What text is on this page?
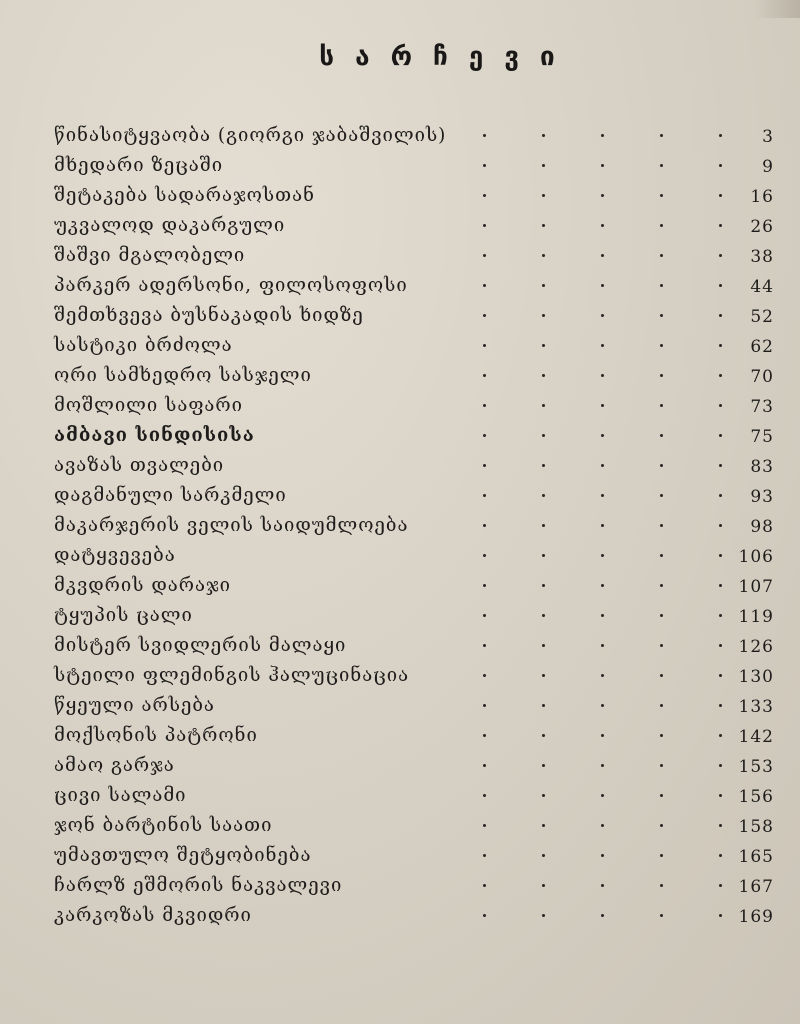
ს ა რ ჩ ე ვ ი
წინასიტყვაობა (გიორგი ჯაბაშვილის)	3
მხედარი ზეცაში	9
შეტაკება სადარაჯოსთან	16
უკვალოდ დაკარგული	26
შაშვი მგალობელი	38
პარკერ ადერსონი, ფილოსოფოსი	44
შემთხვევა ბუსნაკადის ხიდზე	52
სასტიკი ბრძოლა	62
ორი სამხედრო სასჯელი	70
მოშლილი საფარი	73
ამბავი სინდისისა	75
ავაზას თვალები	83
დაგმანული სარკმელი	93
მაკარჯერის ველის საიდუმლოება	98
დატყვევება	106
მკვდრის დარაჯი	107
ტყუპის ცალი	119
მისტერ სვიდლერის მალაყი	126
სტეილი ფლემინგის ჰალუცინაცია	130
წყეული არსება	133
მოქსონის პატრონი	142
ამაო გარჯა	153
ცივი სალამი	156
ჯონ ბარტინის საათი	158
უმავთულო შეტყობინება	165
ჩარლზ ეშმორის ნაკვალევი	167
კარკოზას მკვიდრი	169
